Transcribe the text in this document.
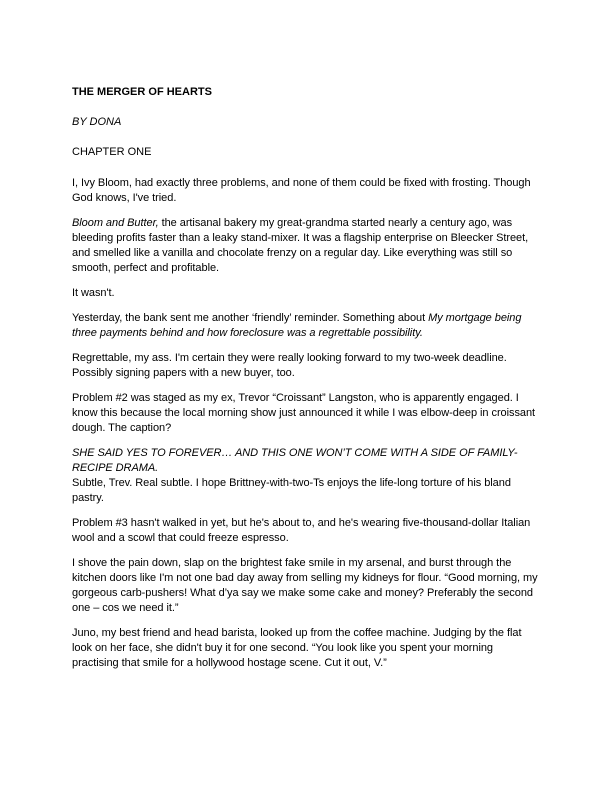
THE MERGER OF HEARTS
BY DONA
CHAPTER ONE

I, Ivy Bloom, had exactly three problems, and none of them could be fixed with frosting. Though God knows, I've tried.

Bloom and Butter, the artisanal bakery my great-grandma started nearly a century ago, was bleeding profits faster than a leaky stand-mixer. It was a flagship enterprise on Bleecker Street, and smelled like a vanilla and chocolate frenzy on a regular day. Like everything was still so smooth, perfect and profitable.

It wasn't.

Yesterday, the bank sent me another ‘friendly’ reminder. Something about My mortgage being three payments behind and how foreclosure was a regrettable possibility.

Regrettable, my ass. I'm certain they were really looking forward to my two-week deadline. Possibly signing papers with a new buyer, too.

Problem #2 was staged as my ex, Trevor “Croissant” Langston, who is apparently engaged. I know this because the local morning show just announced it while I was elbow-deep in croissant dough. The caption?

SHE SAID YES TO FOREVER… AND THIS ONE WON’T COME WITH A SIDE OF FAMILY-RECIPE DRAMA.

Subtle, Trev. Real subtle. I hope Brittney-with-two-Ts enjoys the life-long torture of his bland pastry.

Problem #3 hasn't walked in yet, but he's about to, and he's wearing five-thousand-dollar Italian wool and a scowl that could freeze espresso.

I shove the pain down, slap on the brightest fake smile in my arsenal, and burst through the kitchen doors like I'm not one bad day away from selling my kidneys for flour. “Good morning, my gorgeous carb-pushers! What d’ya say we make some cake and money? Preferably the second one – cos we need it.”

Juno, my best friend and head barista, looked up from the coffee machine. Judging by the flat look on her face, she didn't buy it for one second. “You look like you spent your morning practising that smile for a hollywood hostage scene. Cut it out, V.”
